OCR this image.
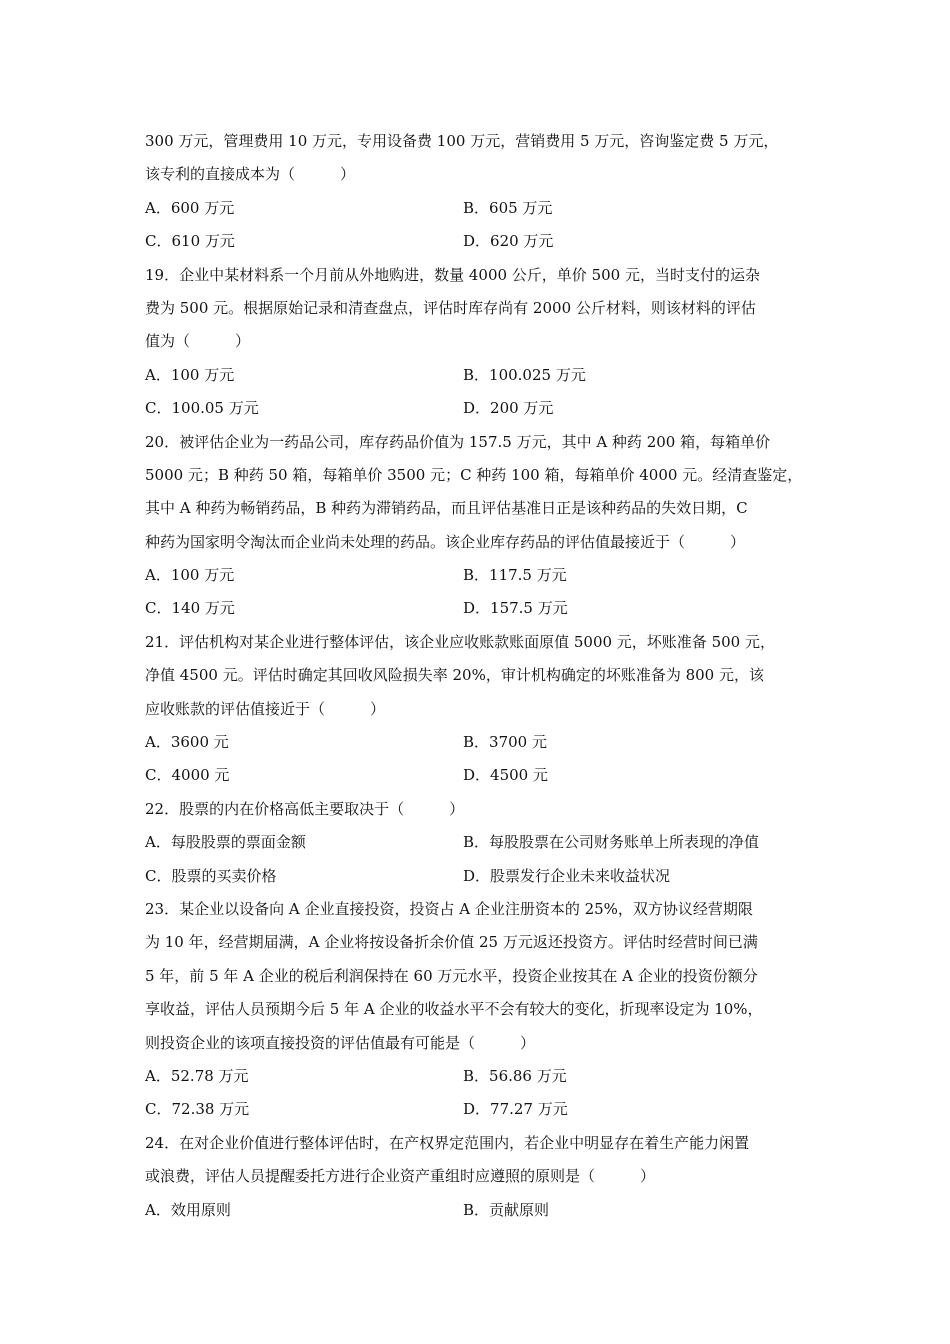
300 万元，管理费用 10 万元，专用设备费 100 万元，营销费用 5 万元，咨询鉴定费 5 万元，
该专利的直接成本为（　　　）
A．600 万元	B．605 万元
C．610 万元	D．620 万元
19．企业中某材料系一个月前从外地购进，数量 4000 公斤，单价 500 元，当时支付的运杂
费为 500 元。根据原始记录和清查盘点，评估时库存尚有 2000 公斤材料，则该材料的评估
值为（　　　）
A．100 万元	B．100.025 万元
C．100.05 万元	D．200 万元
20．被评估企业为一药品公司，库存药品价值为 157.5 万元，其中 A 种药 200 箱，每箱单价
5000 元；B 种药 50 箱，每箱单价 3500 元；C 种药 100 箱，每箱单价 4000 元。经清查鉴定，
其中 A 种药为畅销药品，B 种药为滞销药品，而且评估基准日正是该种药品的失效日期，C
种药为国家明令淘汰而企业尚未处理的药品。该企业库存药品的评估值最接近于（　　　）
A．100 万元	B．117.5 万元
C．140 万元	D．157.5 万元
21．评估机构对某企业进行整体评估，该企业应收账款账面原值 5000 元，坏账准备 500 元，
净值 4500 元。评估时确定其回收风险损失率 20%，审计机构确定的坏账准备为 800 元，该
应收账款的评估值接近于（　　　）
A．3600 元	B．3700 元
C．4000 元	D．4500 元
22．股票的内在价格高低主要取决于（　　　）
A．每股股票的票面金额	B．每股股票在公司财务账单上所表现的净值
C．股票的买卖价格	D．股票发行企业未来收益状况
23．某企业以设备向 A 企业直接投资，投资占 A 企业注册资本的 25%，双方协议经营期限
为 10 年，经营期届满，A 企业将按设备折余价值 25 万元返还投资方。评估时经营时间已满
5 年，前 5 年 A 企业的税后利润保持在 60 万元水平，投资企业按其在 A 企业的投资份额分
享收益，评估人员预期今后 5 年 A 企业的收益水平不会有较大的变化，折现率设定为 10%，
则投资企业的该项直接投资的评估值最有可能是（　　　）
A．52.78 万元	B．56.86 万元
C．72.38 万元	D．77.27 万元
24．在对企业价值进行整体评估时，在产权界定范围内，若企业中明显存在着生产能力闲置
或浪费，评估人员提醒委托方进行企业资产重组时应遵照的原则是（　　　）
A．效用原则	B．贡献原则
